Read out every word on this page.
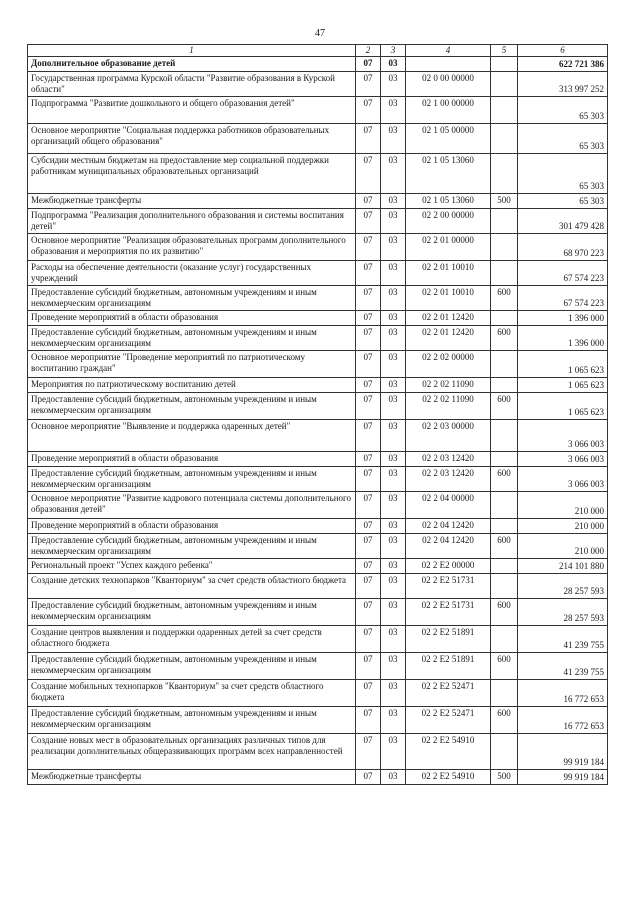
47
1	2	3	4	5	6
Дополнительное образование детей	07	03			622 721 386
Государственная программа Курской области "Развитие образования в Курской области"	07	03	02 0 00 00000		313 997 252
Подпрограмма "Развитие дошкольного и общего образования детей"	07	03	02 1 00 00000		65 303
Основное мероприятие "Социальная поддержка работников образовательных организаций общего образования"	07	03	02 1 05 00000		65 303
Субсидии местным бюджетам на предоставление мер социальной поддержки работникам муниципальных образовательных организаций	07	03	02 1 05 13060		65 303
Межбюджетные трансферты	07	03	02 1 05 13060	500	65 303
Подпрограмма "Реализация дополнительного образования и системы воспитания детей"	07	03	02 2 00 00000		301 479 428
Основное мероприятие "Реализация образовательных программ дополнительного образования и мероприятия по их развитию"	07	03	02 2 01 00000		68 970 223
Расходы на обеспечение деятельности (оказание услуг) государственных учреждений	07	03	02 2 01 10010		67 574 223
Предоставление субсидий бюджетным, автономным учреждениям и иным некоммерческим организациям	07	03	02 2 01 10010	600	67 574 223
Проведение мероприятий в области образования	07	03	02 2 01 12420		1 396 000
Предоставление субсидий бюджетным, автономным учреждениям и иным некоммерческим организациям	07	03	02 2 01 12420	600	1 396 000
Основное мероприятие "Проведение мероприятий по патриотическому воспитанию граждан"	07	03	02 2 02 00000		1 065 623
Мероприятия по патриотическому воспитанию детей	07	03	02 2 02 11090		1 065 623
Предоставление субсидий бюджетным, автономным учреждениям и иным некоммерческим организациям	07	03	02 2 02 11090	600	1 065 623
Основное мероприятие "Выявление и поддержка одаренных детей"	07	03	02 2 03 00000		3 066 003
Проведение мероприятий в области образования	07	03	02 2 03 12420		3 066 003
Предоставление субсидий бюджетным, автономным учреждениям и иным некоммерческим организациям	07	03	02 2 03 12420	600	3 066 003
Основное мероприятие "Развитие кадрового потенциала системы дополнительного образования детей"	07	03	02 2 04 00000		210 000
Проведение мероприятий в области образования	07	03	02 2 04 12420		210 000
Предоставление субсидий бюджетным, автономным учреждениям и иным некоммерческим организациям	07	03	02 2 04 12420	600	210 000
Региональный проект "Успех каждого ребенка"	07	03	02 2 E2 00000		214 101 880
Создание детских технопарков "Кванториум" за счет средств областного бюджета	07	03	02 2 E2 51731		28 257 593
Предоставление субсидий бюджетным, автономным учреждениям и иным некоммерческим организациям	07	03	02 2 E2 51731	600	28 257 593
Создание центров выявления и поддержки одаренных детей за счет средств областного бюджета	07	03	02 2 E2 51891		41 239 755
Предоставление субсидий бюджетным, автономным учреждениям и иным некоммерческим организациям	07	03	02 2 E2 51891	600	41 239 755
Создание мобильных технопарков "Кванториум" за счет средств областного бюджета	07	03	02 2 E2 52471		16 772 653
Предоставление субсидий бюджетным, автономным учреждениям и иным некоммерческим организациям	07	03	02 2 E2 52471	600	16 772 653
Создание новых мест в образовательных организациях различных типов для реализации дополнительных общеразвивающих программ всех направленностей	07	03	02 2 E2 54910		99 919 184
Межбюджетные трансферты	07	03	02 2 E2 54910	500	99 919 184
